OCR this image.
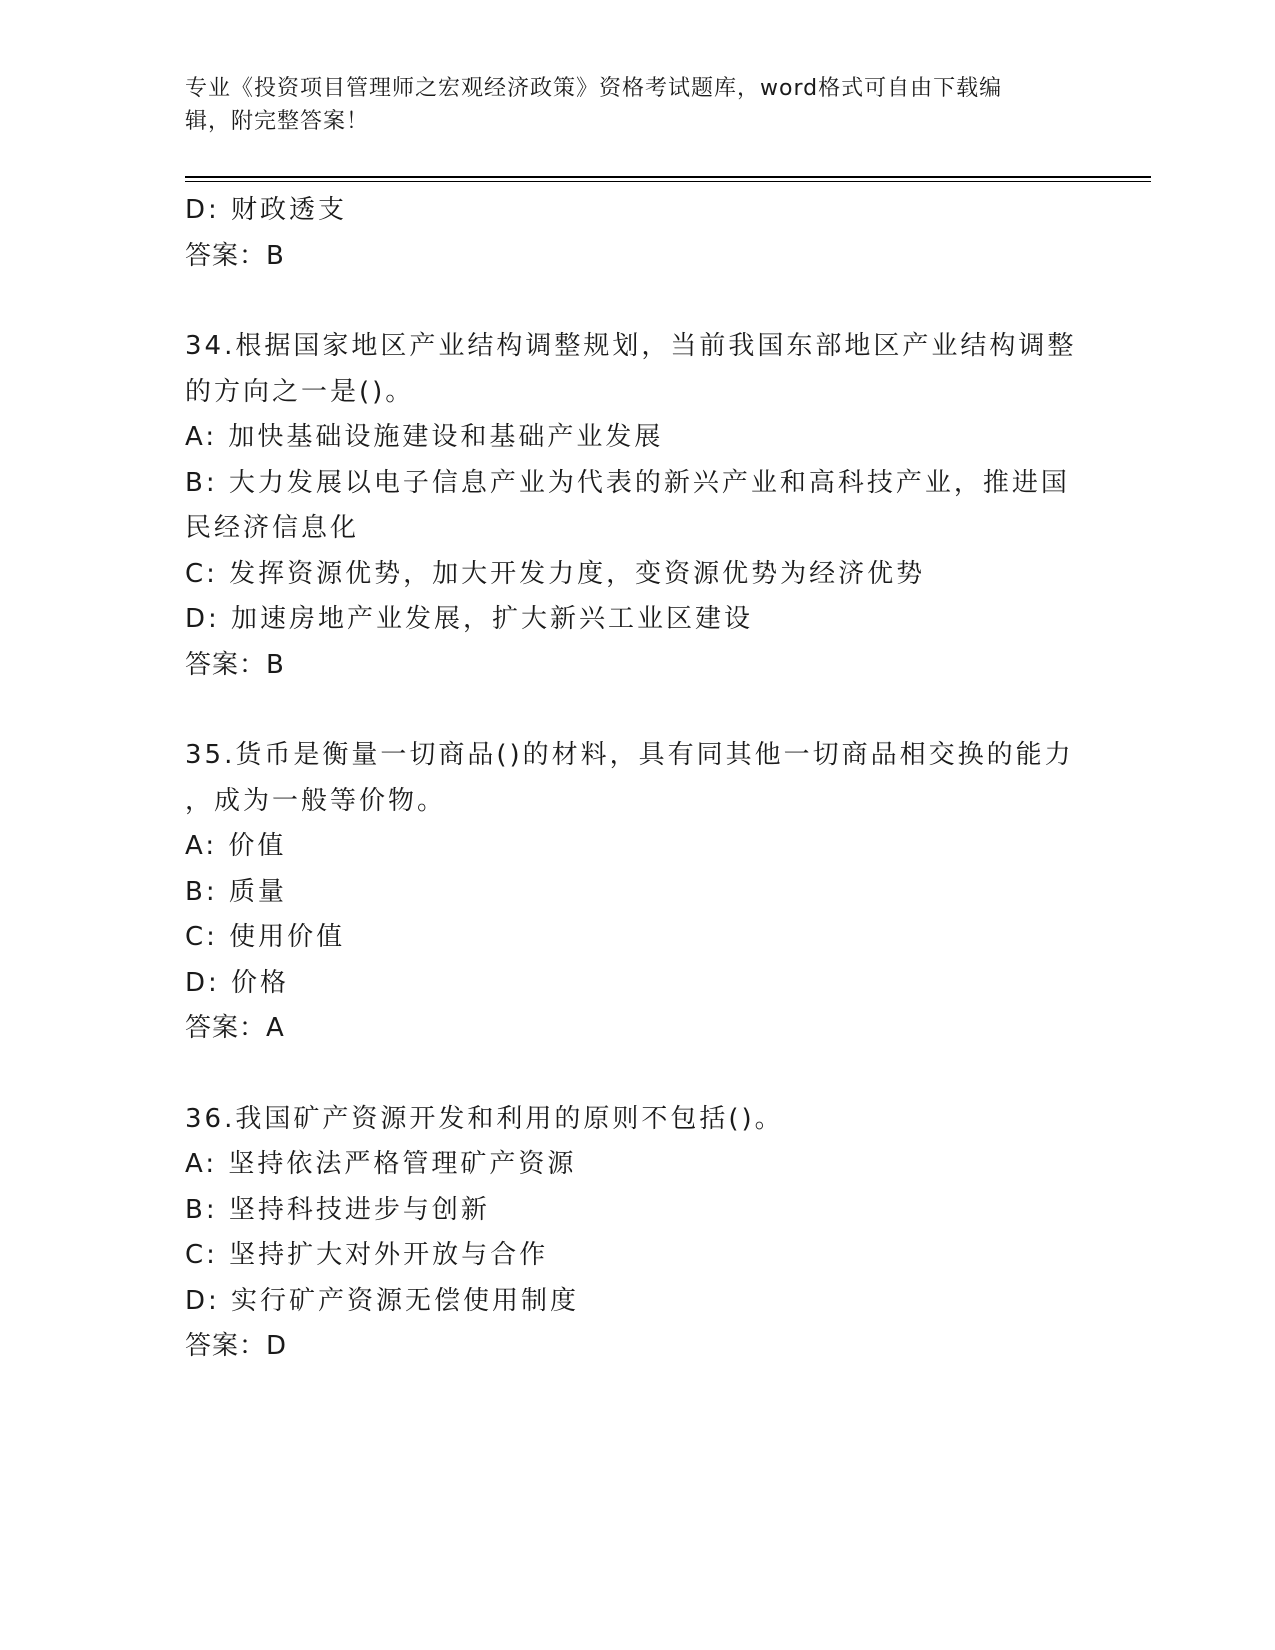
专业《投资项目管理师之宏观经济政策》资格考试题库，word格式可自由下载编
辑，附完整答案！
D: 财政透支
答案：B
34.根据国家地区产业结构调整规划，当前我国东部地区产业结构调整
的方向之一是()。
A: 加快基础设施建设和基础产业发展
B: 大力发展以电子信息产业为代表的新兴产业和高科技产业，推进国
民经济信息化
C: 发挥资源优势，加大开发力度，变资源优势为经济优势
D: 加速房地产业发展，扩大新兴工业区建设
答案：B
35.货币是衡量一切商品()的材料，具有同其他一切商品相交换的能力
，成为一般等价物。
A: 价值
B: 质量
C: 使用价值
D: 价格
答案：A
36.我国矿产资源开发和利用的原则不包括()。
A: 坚持依法严格管理矿产资源
B: 坚持科技进步与创新
C: 坚持扩大对外开放与合作
D: 实行矿产资源无偿使用制度
答案：D
